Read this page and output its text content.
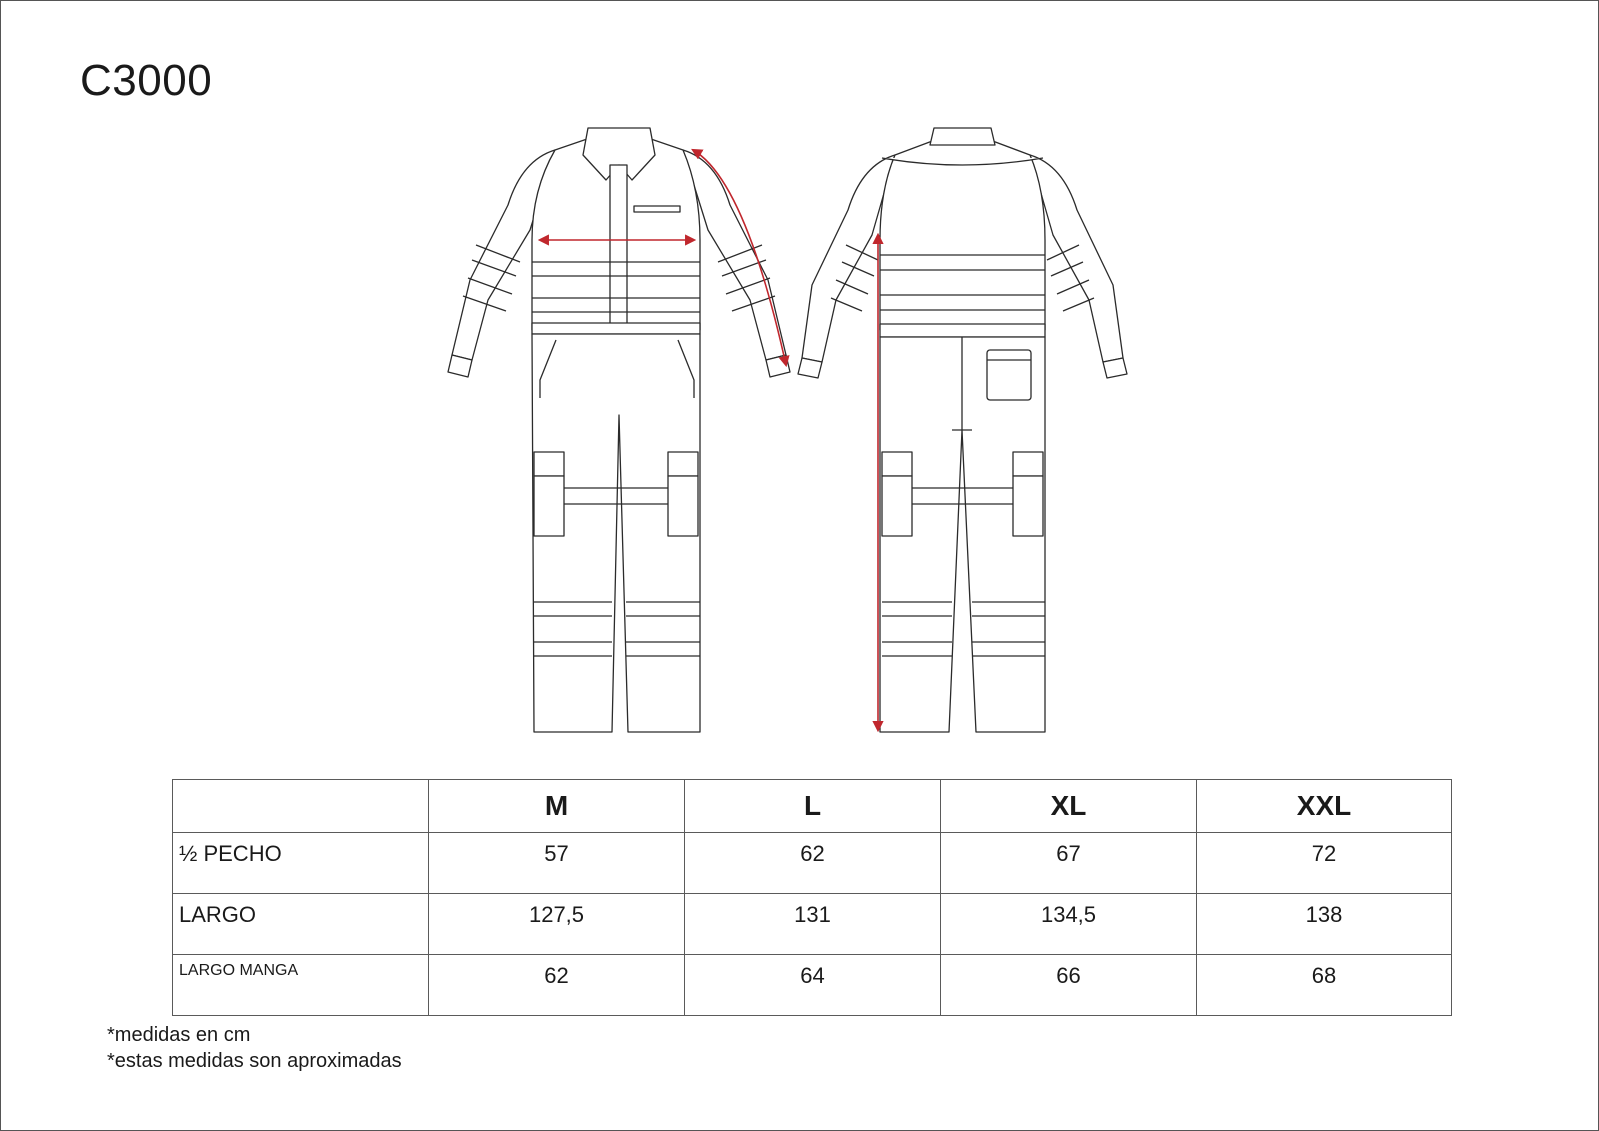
C3000
	M	L	XL	XXL
½ PECHO	57	62	67	72
LARGO	127,5	131	134,5	138
LARGO MANGA	62	64	66	68
*medidas en cm
*estas medidas son aproximadas
